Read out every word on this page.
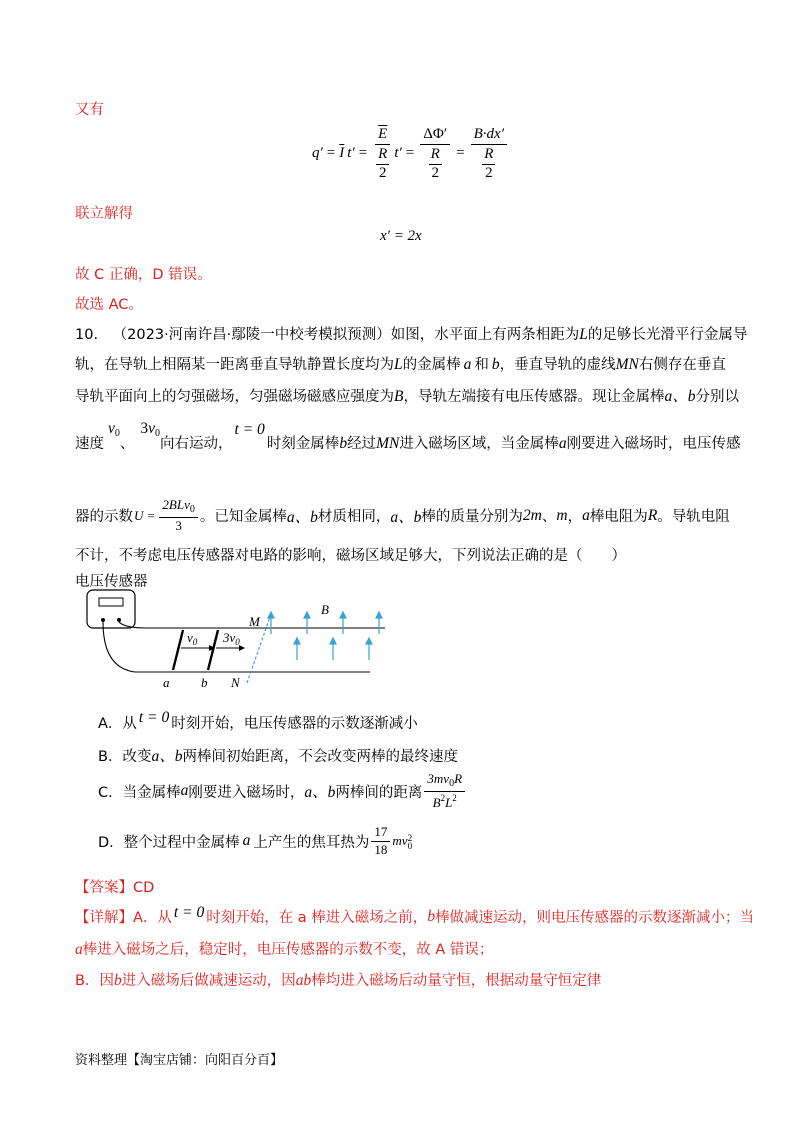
又有
$q' = \overline{I}$ $t' = \overline{E}$
R
2 t′ = ΔΦ′
R
2 = B·dx′
R
2
联立解得
x′ = 2x
故 C 正确，D 错误。
故选 AC。
10. （2023·河南许昌·鄢陵一中校考模拟预测）如图，水平面上有两条相距为L的足够长光滑平行金属导
轨，在导轨上相隔某一距离垂直导轨静置长度均为L的金属棒 a 和 b，垂直导轨的虚线MN右侧存在垂直
导轨平面向上的匀强磁场，匀强磁场磁感应强度为B，导轨左端接有电压传感器。现让金属棒a、b分别以
速度
$v_0$
、
$3v_0$
向右运动，
t = 0
时刻金属棒 b 经过 MN 进入磁场区域，当金属棒 a 刚要进入磁场时，电压传感
器的示数 $U = \frac{2BLv_0}{3}$ 。已知金属棒 a、b 材质相同， a、b 棒的质量分别为 2m 、 m ， a 棒电阻为 R 。导轨电阻
不计，不考虑电压传感器对电路的影响，磁场区域足够大，下列说法正确的是（　　）
电压传感器
$v_0$ $3v_0$
M
B
N
a b
A．从 t = 0 时刻开始，电压传感器的示数逐渐减小
B．改变a、b两棒间初始距离，不会改变两棒的最终速度
C．当金属棒 a 刚要进入磁场时， a、b 两棒间的距离 $\frac{3mv_0R}{B^2L^2}$
D．整个过程中金属棒 a 上产生的焦耳热为 $\frac{17}{18}$ mv 2
0
【答案】CD
【详解】 A．从 t = 0 时刻开始，在 a 棒进入磁场之前， b 棒做减速运动，则电压传感器的示数逐渐减小；当
a棒进入磁场之后，稳定时，电压传感器的示数不变，故 A 错误；
B．因b进入磁场后做减速运动，因ab棒均进入磁场后动量守恒，根据动量守恒定律
资料整理【淘宝店铺：向阳百分百】
